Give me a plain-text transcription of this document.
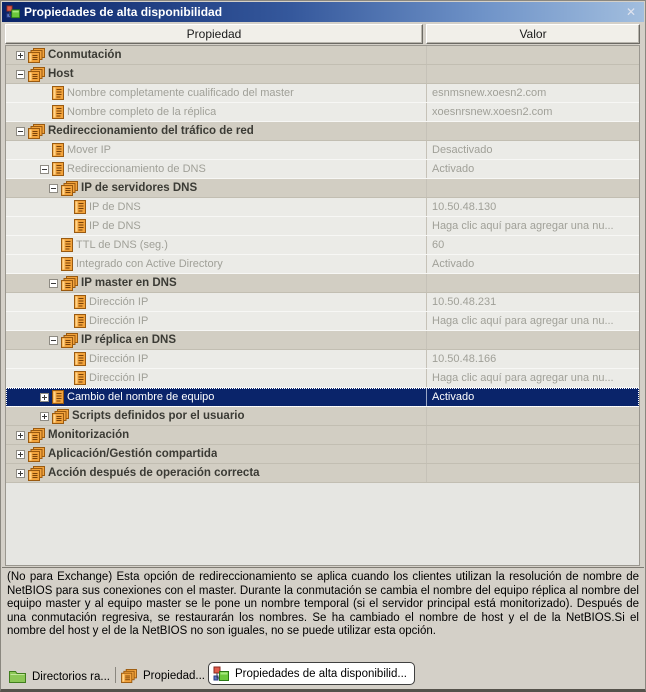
Propiedades de alta disponibilidad	✕
Propiedad	Valor
Conmutación
Host
Nombre completamente cualificado del master	esnmsnew.xoesn2.com
Nombre completo de la réplica	xoesnrsnew.xoesn2.com
Redireccionamiento del tráfico de red
Mover IP	Desactivado
Redireccionamiento de DNS	Activado
IP de servidores DNS
IP de DNS	10.50.48.130
IP de DNS	Haga clic aquí para agregar una nu...
TTL de DNS (seg.)	60
Integrado con Active Directory	Activado
IP master en DNS
Dirección IP	10.50.48.231
Dirección IP	Haga clic aquí para agregar una nu...
IP réplica en DNS
Dirección IP	10.50.48.166
Dirección IP	Haga clic aquí para agregar una nu...
Cambio del nombre de equipo	Activado
Scripts definidos por el usuario
Monitorización
Aplicación/Gestión compartida
Acción después de operación correcta
(No para Exchange) Esta opción de redireccionamiento se aplica cuando los clientes utilizan la resolución de nombre de NetBIOS para sus conexiones con el master. Durante la conmutación se cambia el nombre del equipo réplica al nombre del equipo master y al equipo master se le pone un nombre temporal (si el servidor principal está monitorizado). Después de una conmutación regresiva, se restaurarán los nombres. Se ha cambiado el nombre de host y el de la NetBIOS.Si el nombre del host y el de la NetBIOS no son iguales, no se puede utilizar esta opción.
Directorios ra...	Propiedad...	Propiedades de alta disponibilid...
